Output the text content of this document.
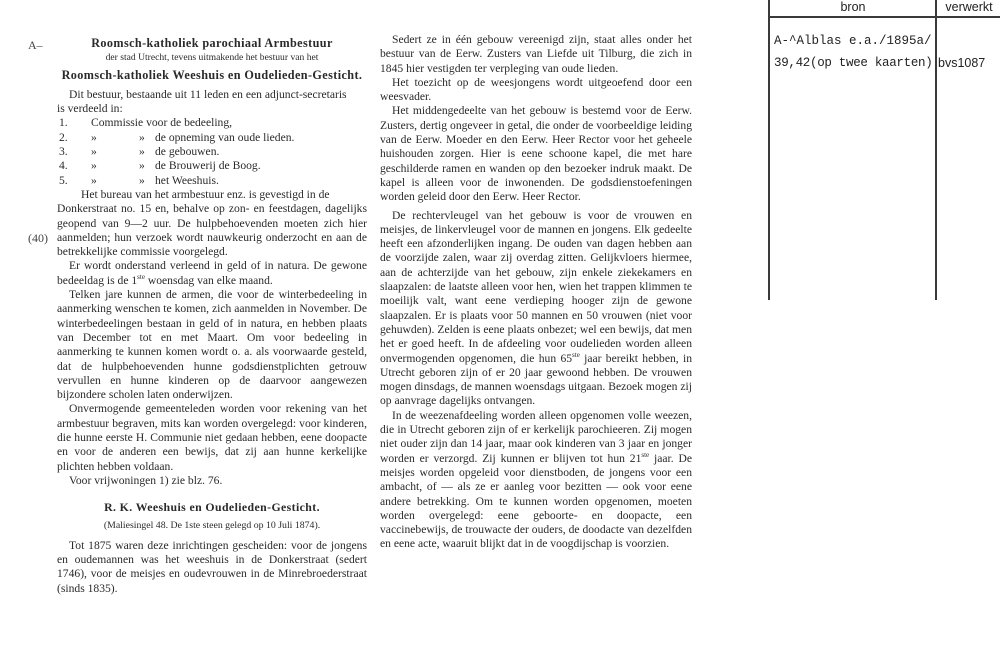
A–
(40)
Roomsch-katholiek parochiaal Armbestuur
der stad Utrecht, tevens uitmakende het bestuur van het
Roomsch-katholiek Weeshuis en Oudelieden-Gesticht.

Dit bestuur, bestaande uit 11 leden en een adjunct-secretaris

is verdeeld in:

1.	Commissie voor de bedeeling,
2.	»	» de opneming van oude lieden.
3.	»	» de gebouwen.
4.	»	» de Brouwerij de Boog.
5.	»	» het Weeshuis.

Het bureau van het armbestuur enz. is gevestigd in de

Donkerstraat no. 15 en, behalve op zon- en feestdagen, dagelijks geopend van 9—2 uur. De hulpbehoevenden moeten zich hier aanmelden; hun verzoek wordt nauwkeurig onderzocht en aan de betrekkelijke commissie voorgelegd.

Er wordt onderstand verleend in geld of in natura. De gewone bedeeldag is de 1ste woensdag van elke maand.

Telken jare kunnen de armen, die voor de winterbedeeling in aanmerking wenschen te komen, zich aanmelden in November. De winterbedeelingen bestaan in geld of in natura, en hebben plaats van December tot en met Maart. Om voor bedeeling in aanmerking te kunnen komen wordt o. a. als voorwaarde gesteld, dat de hulpbehoevenden hunne godsdienstplichten getrouw vervullen en hunne kinderen op de daarvoor aangewezen bijzondere scholen laten onderwijzen.

Onvermogende gemeenteleden worden voor rekening van het armbestuur begraven, mits kan worden overgelegd: voor kinderen, die hunne eerste H. Communie niet gedaan hebben, eene doopacte en voor de anderen een bewijs, dat zij aan hunne kerkelijke plichten hebben voldaan.

Voor vrijwoningen 1) zie blz. 76.

R. K. Weeshuis en Oudelieden-Gesticht.
(Maliesingel 48. De 1ste steen gelegd op 10 Juli 1874).

Tot 1875 waren deze inrichtingen gescheiden: voor de jongens en oudemannen was het weeshuis in de Donkerstraat (sedert 1746), voor de meisjes en oudevrouwen in de Minrebroederstraat (sinds 1835).

Sedert ze in één gebouw vereenigd zijn, staat alles onder het bestuur van de Eerw. Zusters van Liefde uit Tilburg, die zich in 1845 hier vestigden ter verpleging van oude lieden.

Het toezicht op de weesjongens wordt uitgeoefend door een weesvader.

Het middengedeelte van het gebouw is bestemd voor de Eerw. Zusters, dertig ongeveer in getal, die onder de voorbeeldige leiding van de Eerw. Moeder en den Eerw. Heer Rector voor het geheele huishouden zorgen. Hier is eene schoone kapel, die met hare geschilderde ramen en wanden op den bezoeker indruk maakt. De kapel is alleen voor de inwonenden. De godsdienstoefeningen worden geleid door den Eerw. Heer Rector.

De rechtervleugel van het gebouw is voor de vrouwen en meisjes, de linkervleugel voor de mannen en jongens. Elk gedeelte heeft een afzonderlijken ingang. De ouden van dagen hebben aan de voorzijde zalen, waar zij overdag zitten. Gelijkvloers hiermee, aan de achterzijde van het gebouw, zijn enkele ziekekamers en slaapzalen: de laatste alleen voor hen, wien het trappen klimmen te moeilijk valt, want eene verdieping hooger zijn de gewone slaapzalen. Er is plaats voor 50 mannen en 50 vrouwen (niet voor gehuwden). Zelden is eene plaats onbezet; wel een bewijs, dat men het er goed heeft. In de afdeeling voor oudelieden worden alleen onvermogenden opgenomen, die hun 65ste jaar bereikt hebben, in Utrecht geboren zijn of er 20 jaar gewoond hebben. De vrouwen mogen dinsdags, de mannen woensdags uitgaan. Bezoek mogen zij op aanvrage dagelijks ontvangen.

In de weezenafdeeling worden alleen opgenomen volle weezen, die in Utrecht geboren zijn of er kerkelijk parochieeren. Zij mogen niet ouder zijn dan 14 jaar, maar ook kinderen van 3 jaar en jonger worden er verzorgd. Zij kunnen er blijven tot hun 21ste jaar. De meisjes worden opgeleid voor dienstboden, de jongens voor een ambacht, of — als ze er aanleg voor bezitten — ook voor eene andere betrekking. Om te kunnen worden opgenomen, moeten worden overgelegd: eene geboorte- en doopacte, een vaccinebewijs, de trouwacte der ouders, de doodacte van dezelfden en eene acte, waaruit blijkt dat in de voogdijschap is voorzien.

bron	verwerkt
A-^Alblas e.a./1895a/
39,42(op twee kaarten) bvs1087
